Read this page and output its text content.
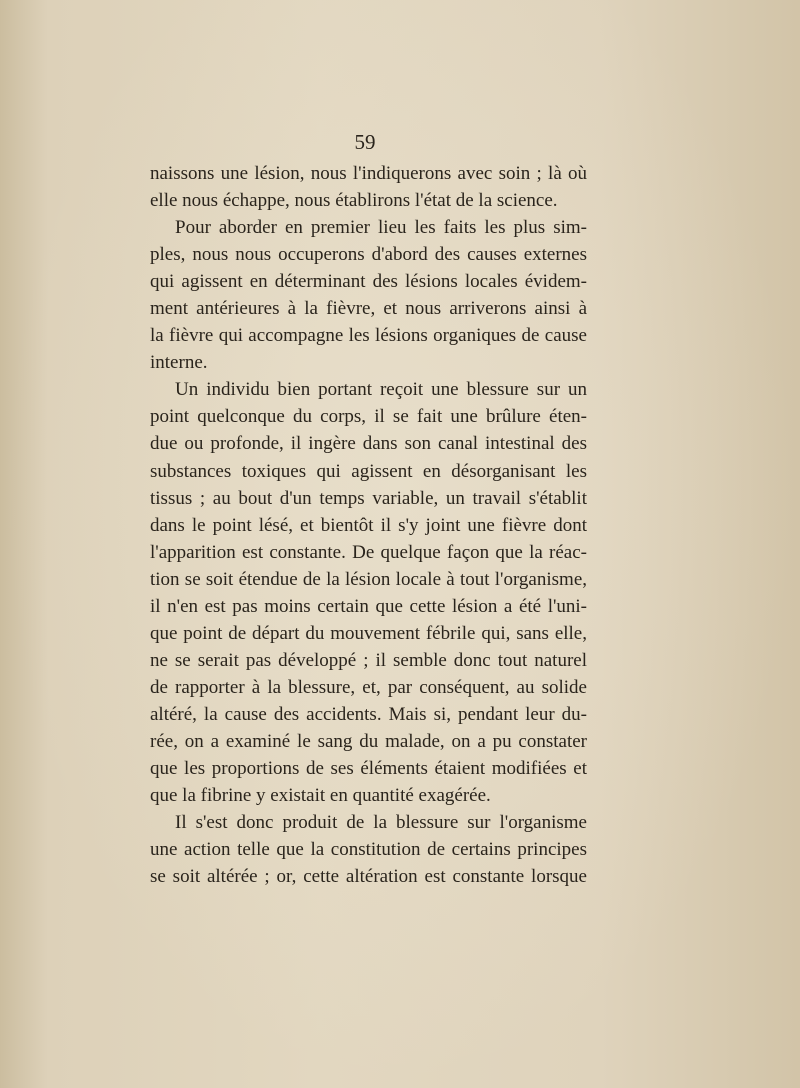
59
naissons une lésion, nous l'indiquerons avec soin ; là où
elle nous échappe, nous établirons l'état de la science.
Pour aborder en premier lieu les faits les plus sim-
ples, nous nous occuperons d'abord des causes externes
qui agissent en déterminant des lésions locales évidem-
ment antérieures à la fièvre, et nous arriverons ainsi à
la fièvre qui accompagne les lésions organiques de cause
interne.
Un individu bien portant reçoit une blessure sur un
point quelconque du corps, il se fait une brûlure éten-
due ou profonde, il ingère dans son canal intestinal des
substances toxiques qui agissent en désorganisant les
tissus ; au bout d'un temps variable, un travail s'établit
dans le point lésé, et bientôt il s'y joint une fièvre dont
l'apparition est constante. De quelque façon que la réac-
tion se soit étendue de la lésion locale à tout l'organisme,
il n'en est pas moins certain que cette lésion a été l'uni-
que point de départ du mouvement fébrile qui, sans elle,
ne se serait pas développé ; il semble donc tout naturel
de rapporter à la blessure, et, par conséquent, au solide
altéré, la cause des accidents. Mais si, pendant leur du-
rée, on a examiné le sang du malade, on a pu constater
que les proportions de ses éléments étaient modifiées et
que la fibrine y existait en quantité exagérée.
Il s'est donc produit de la blessure sur l'organisme
une action telle que la constitution de certains principes
se soit altérée ; or, cette altération est constante lorsque
